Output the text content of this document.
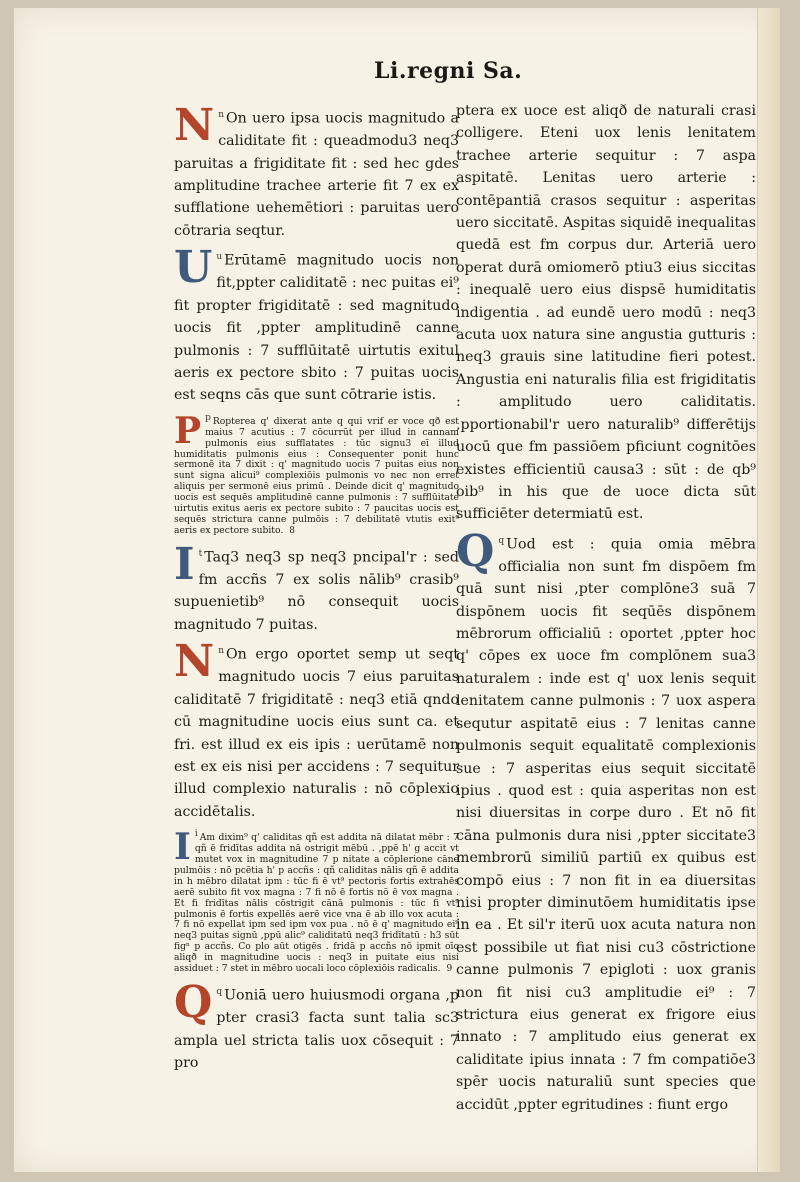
Li.regni Sa.

$^n$
N On uero ipsa uocis magnitudo a caliditate fit : queadmodu3 neq3 paruitas a frigiditate fit : sed hec gdes amplitudine trachee arterie fit 7 ex ex sufflatione uehemētiori : paruitas uero cōtraria seqtur.

$^u$
U Erūtamē magnitudo uocis non fit,ppter caliditatē : nec puitas ei⁹ fit propter frigiditatē : sed magnitudo uocis fit ,ppter amplitudinē canne pulmonis : 7 sufflūitatē uirtutis exitul aeris ex pectore sbito : 7 puitas uocis est seqns cās que sunt cōtrarie istis.

p
P Ropterea q' dixerat ante q qui vrif er voce qð est maius 7 acutius : 7 cōcurrūt per illud in cannam pulmonis eius sufflatates : tūc signu3 eī illud humiditatis pulmonis eius : Consequenter ponit hunc sermonē ita 7 dixit : q' magnitudo uocis 7 puitas eius non sunt signa alicui⁹ complexiōis pulmonis vo nec non erret aliquis per sermonē eius primū . Deinde dicit q' magnitudo uocis est sequēs amplitudinē canne pulmonis : 7 sufflūitate uirtutis exitus aeris ex pectore subito : 7 paucitas uocis est sequēs strictura canne pulmōis : 7 debilitatē vtutis exit⁹ aeris ex pectore subito. 8

$^t$
I Taq3 neq3 sp neq3 pncipal'r : sed fm accñs 7 ex solis nālib⁹ crasib⁹ supuenietib⁹ nō consequit uocis magnitudo 7 puitas.

$^n$
N On ergo oportet semp ut seqt magnitudo uocis 7 eius paruitas caliditatē 7 frigiditatē : neq3 etiā qndo cū magnitudine uocis eius sunt ca. et fri. est illud ex eis ipis : uerūtamē non est ex eis nisi per accidens : 7 sequitur illud complexio naturalis : nō cōplexio accidētalis.

i
I Am dixim⁹ q' caliditas qñ est addita nā dilatat mēbr : 7 qñ ē fridītas addita nā ostrigit mēbū . ,ppē h' g accit vt mutet vox in magnitudine 7 p nitate a cōplerione cāne pulmōis : nō pcētia h' p accñs : qñ caliditas nālis qñ ē addita in h mēbro dilatat ipm : tūc fi ē vt⁹ pectoris fortis extrahēs aerē subito fit vox magna : 7 fi nō ē fortis nō ē vox magna . Et fi fridītas nālis cōstrigit cānā pulmonis : tūc fi vt⁹ pulmonis ē fortis expellēs aerē vice vna ē ab illo vox acuta : 7 fi nō expellat ipm sed ipm vox pua . nō ē q' magnitudo ei⁹ neq3 puitas signū ,ppū alic⁹ caliditatū neq3 fridītatū : h3 sūt figⁿ p accñs. Co plo aūt otigēs . fridā p accñs nō ipmit oīo aliqð in magnitudine uocis : neq3 in puitate eius nisi assiduet : 7 stet in mēbro uocali loco cōplexiōis radicalis. 9

$^q$
Q Uoniā uero huiusmodi organa ,p pter crasi3 facta sunt talia sc3 ampla uel stricta talis uox cōsequit : 7 pro

ptera ex uoce est aliqð de naturali crasi colligere. Eteni uox lenis lenitatem trachee arterie sequitur : 7 aspa aspitatē. Lenitas uero arterie : contēpantiā crasos sequitur : asperitas uero siccitatē. Aspitas siquidē inequalitas quedā est fm corpus dur. Arteriā uero operat durā omiomerō ptiu3 eius siccitas : inequalē uero eius dispsē humiditatis indigentia . ad eundē uero modū : neq3 acuta uox natura sine angustia gutturis : neq3 grauis sine latitudine fieri potest. Angustia eni naturalis filia est frigiditatis : amplitudo uero caliditatis. ,pportionabil'r uero naturalib⁹ differētijs uocū que fm passiōem pficiunt cognitōes existes efficientiū causa3 : sūt : de qb⁹ oib⁹ in his que de uoce dicta sūt sufficiēter determiatū est.

$^q$
Q Uod est : quia omia mēbra officialia non sunt fm dispōem fm quā sunt nisi ,pter complōne3 suā 7 dispōnem uocis fit seqūēs dispōnem mēbrorum officialiū : oportet ,ppter hoc q' cōpes ex uoce fm complōnem sua3 naturalem : inde est q' uox lenis sequit lenitatem canne pulmonis : 7 uox aspera sequtur aspitatē eius : 7 lenitas canne pulmonis sequit equalitatē complexionis sue : 7 asperitas eius sequit siccitatē ipius . quod est : quia asperitas non est nisi diuersitas in corpe duro . Et nō fit cāna pulmonis dura nisi ,ppter siccitate3 membrorū similiū partiū ex quibus est compō eius : 7 non fit in ea diuersitas nisi propter diminutōem humiditatis ipse in ea . Et sil'r iterū uox acuta natura non est possibile ut fiat nisi cu3 cōstrictione canne pulmonis 7 epigloti : uox granis non fit nisi cu3 amplitudie ei⁹ : 7 strictura eius generat ex frigore eius innato : 7 amplitudo eius generat ex caliditate ipius innata : 7 fm compatiōe3 spēr uocis naturaliū sunt species que accidūt ,ppter egritudines : fiunt ergo
